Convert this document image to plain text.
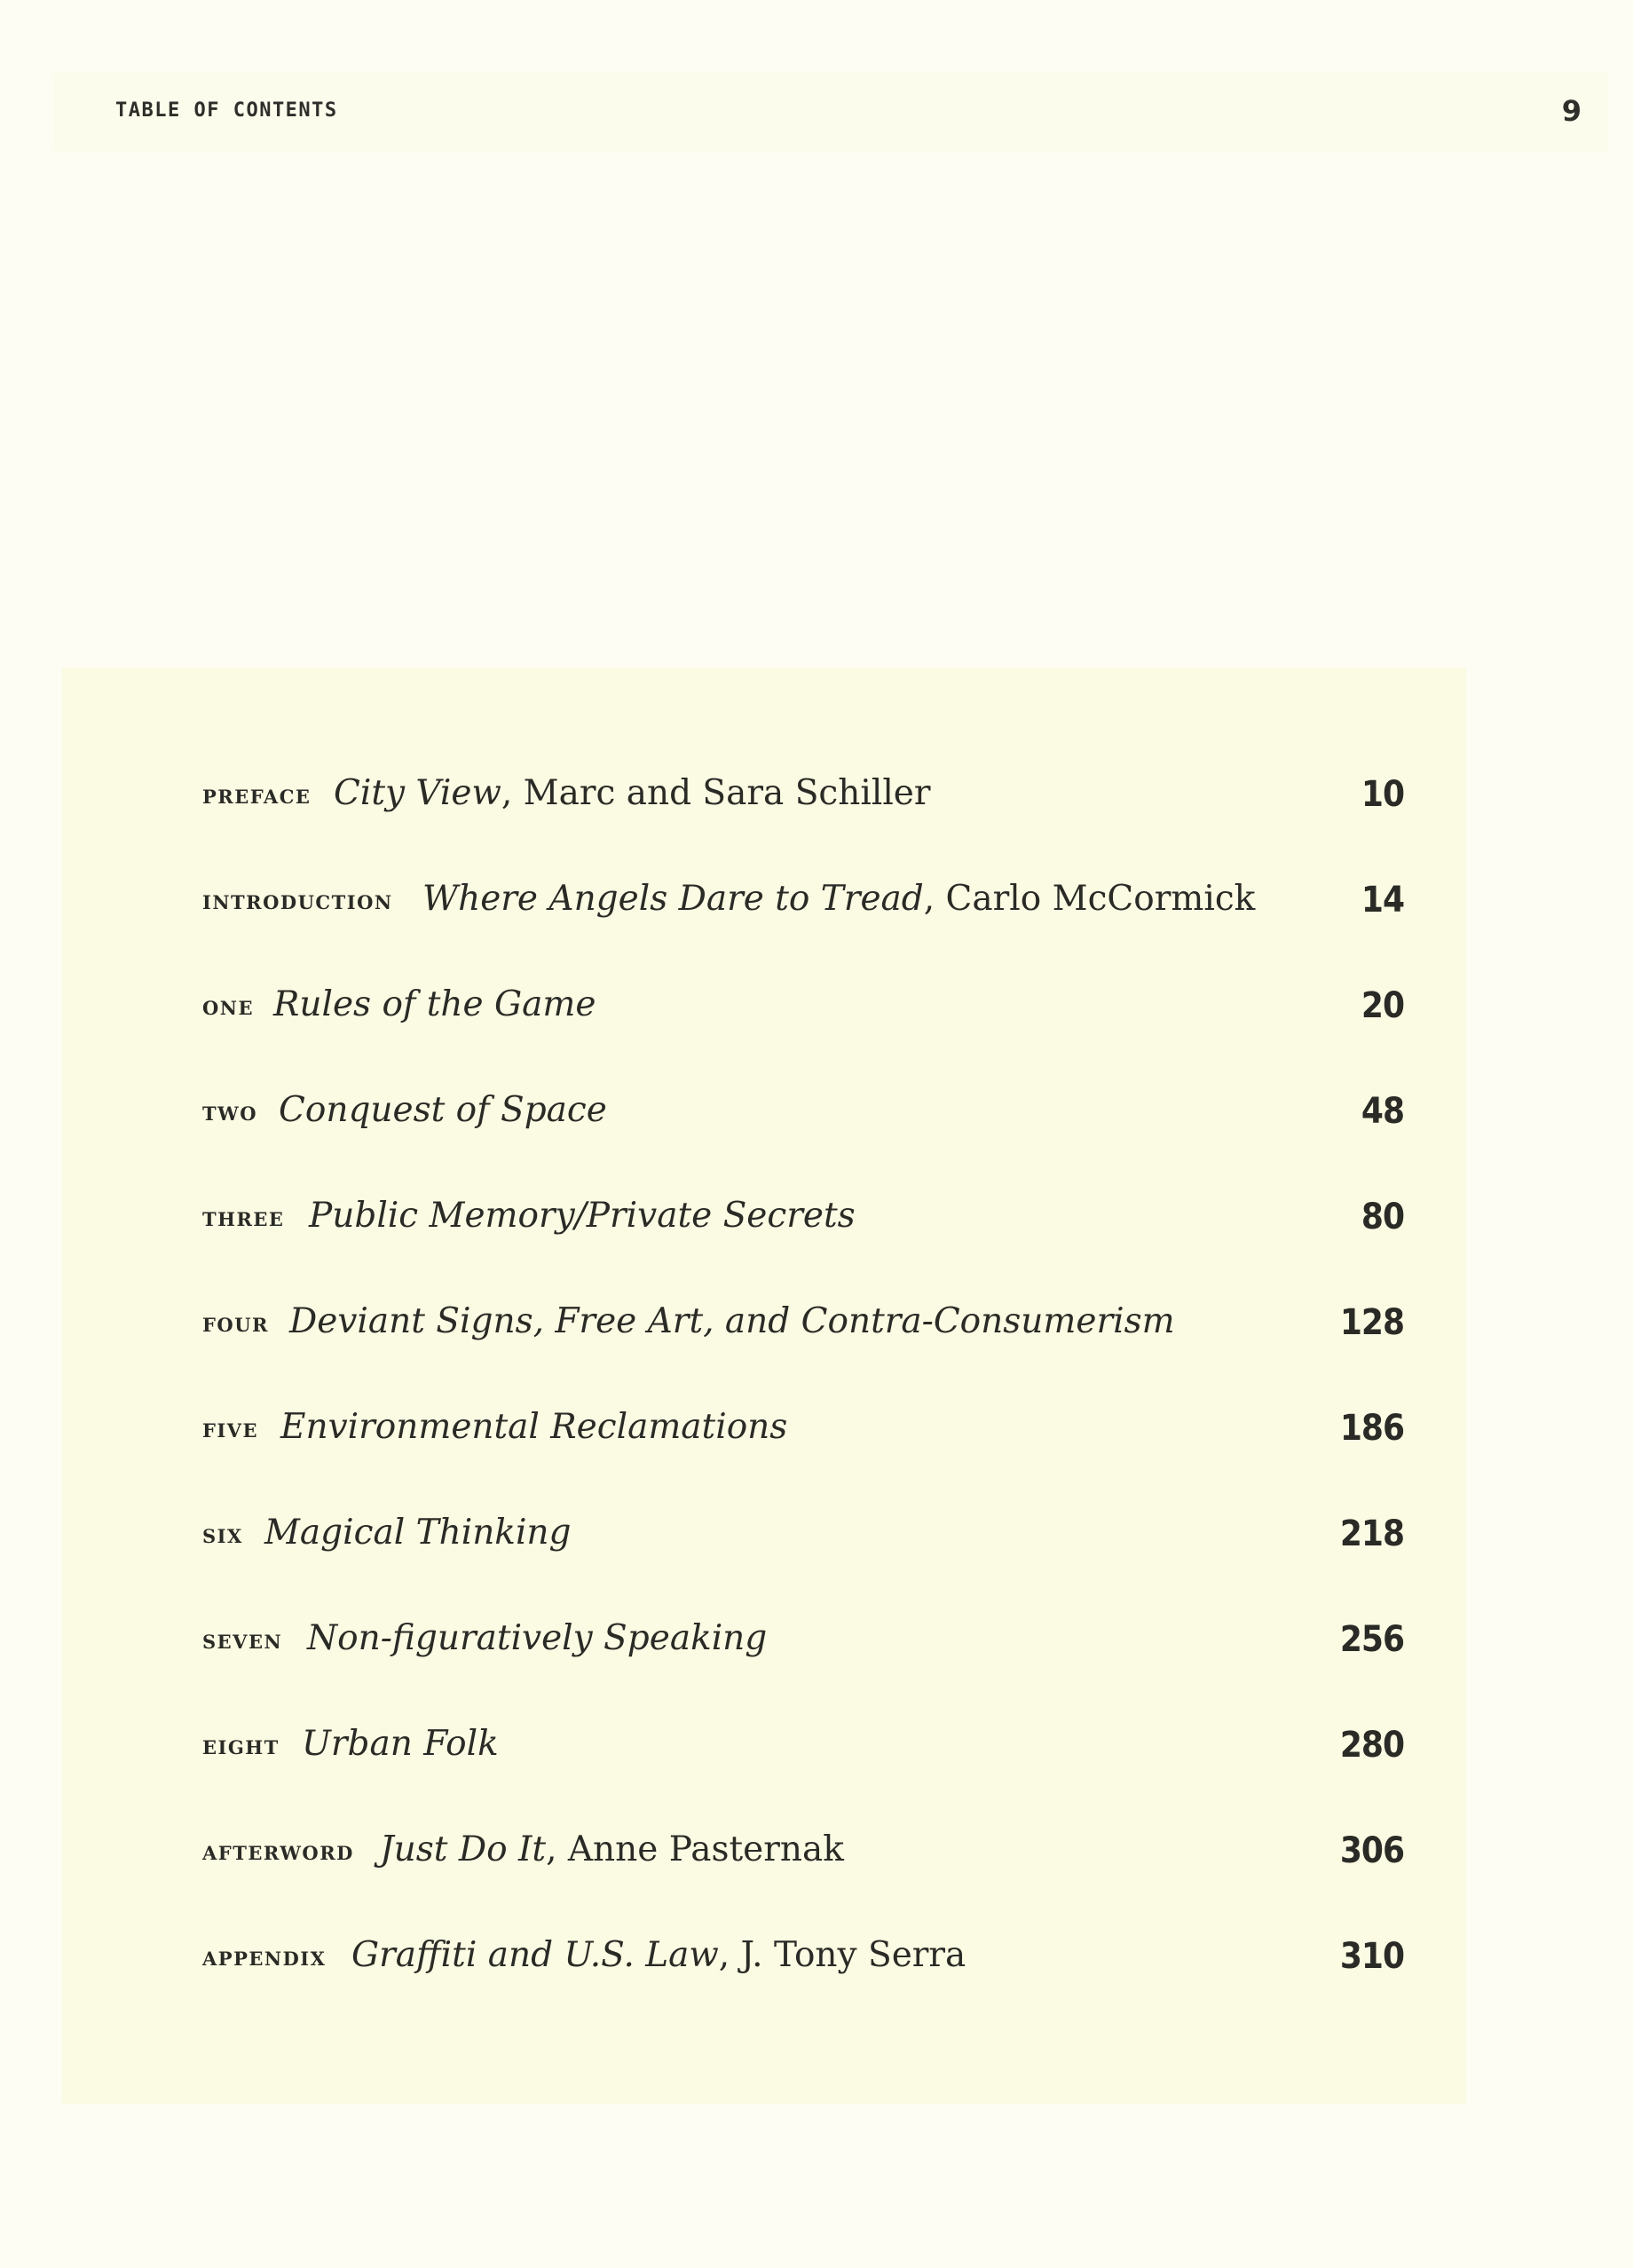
TABLE OF CONTENTS	9
PREFACE City View, Marc and Sara Schiller	10
INTRODUCTION Where Angels Dare to Tread, Carlo McCormick	14
ONE Rules of the Game	20
TWO Conquest of Space	48
THREE Public Memory/Private Secrets	80
FOUR Deviant Signs, Free Art, and Contra-Consumerism	128
FIVE Environmental Reclamations	186
SIX Magical Thinking	218
SEVEN Non-figuratively Speaking	256
EIGHT Urban Folk	280
AFTERWORD Just Do It, Anne Pasternak	306
APPENDIX Graffiti and U.S. Law, J. Tony Serra	310
